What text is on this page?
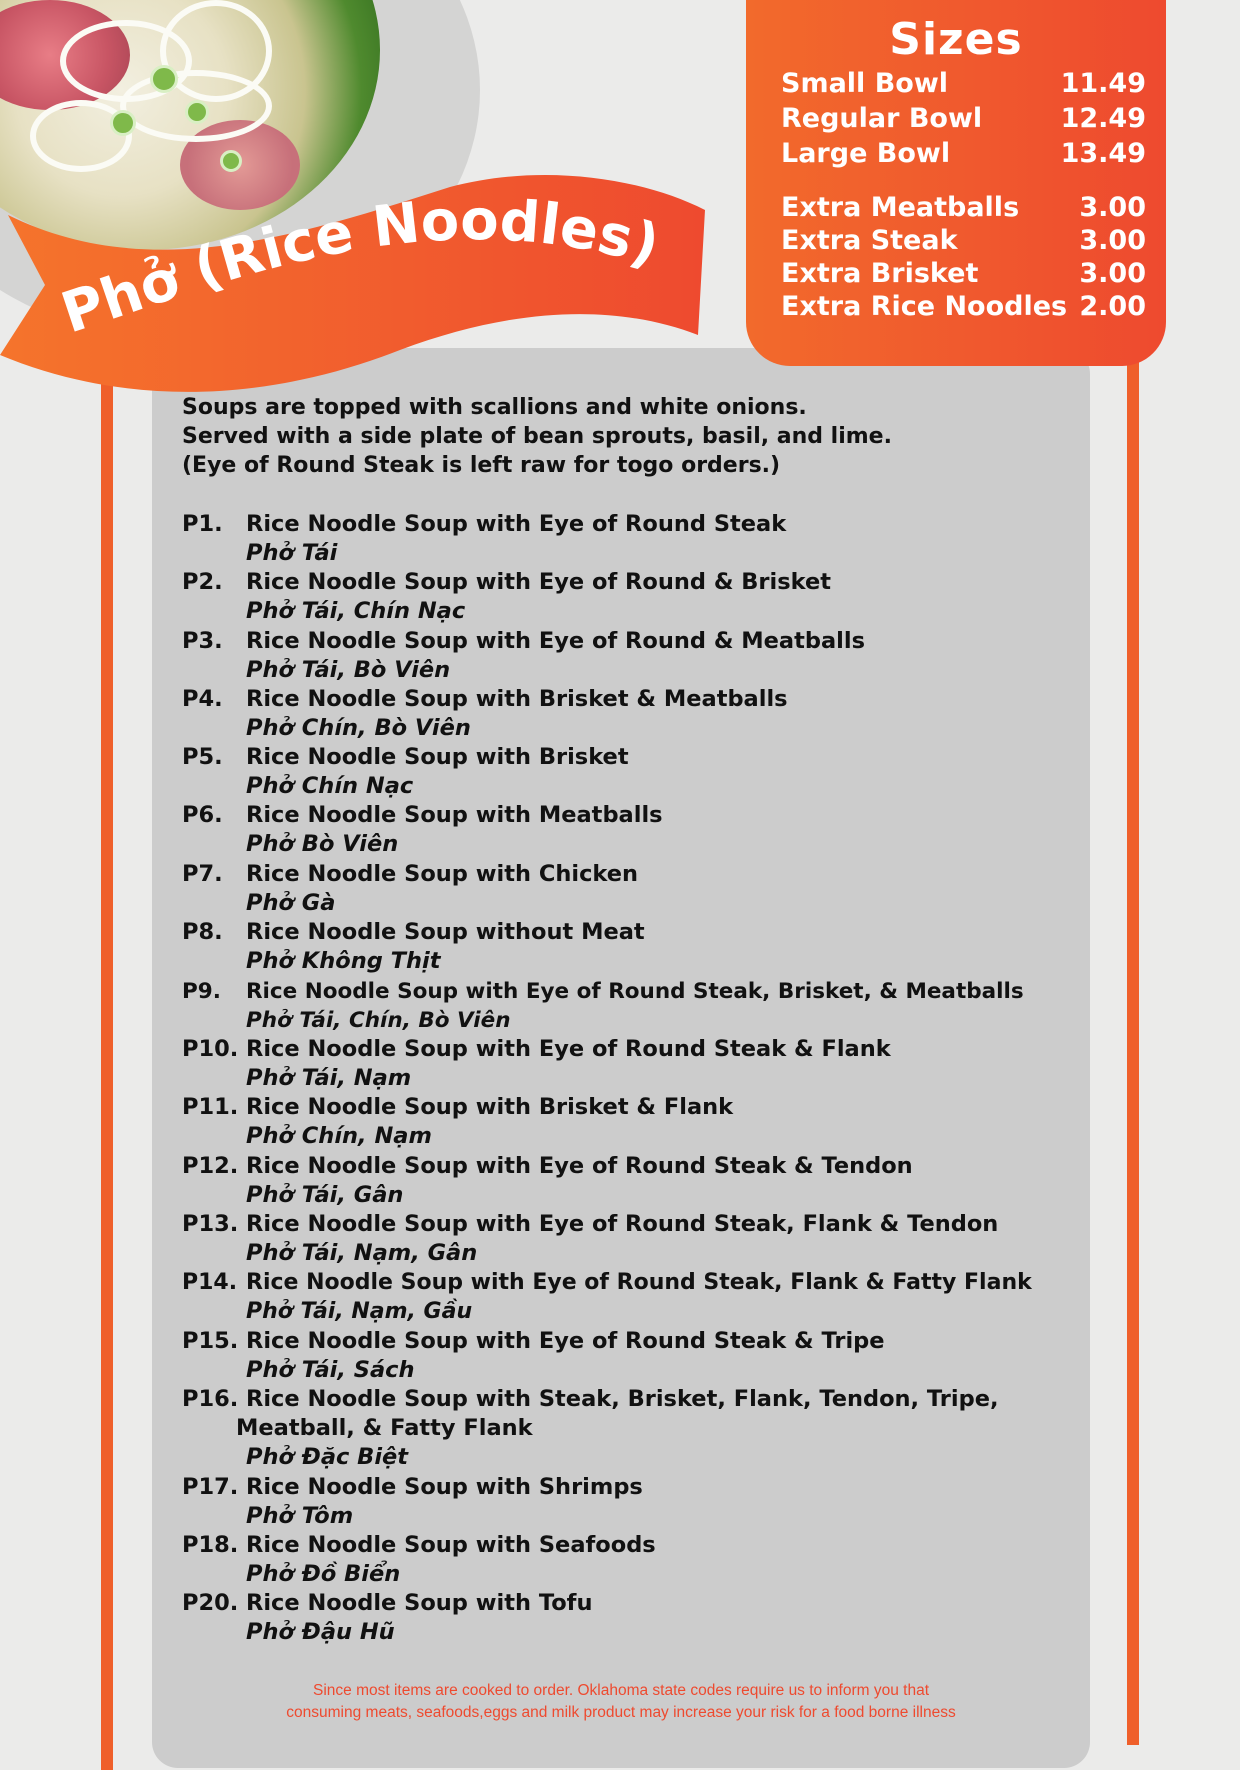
Phở (Rice Noodles)
Sizes
Small Bowl	11.49
Regular Bowl	12.49
Large Bowl	13.49
Extra Meatballs 3.00
Extra Steak	3.00
Extra Brisket	3.00
Extra Rice Noodles 2.00
Soups are topped with scallions and white onions.
Served with a side plate of bean sprouts, basil, and lime.
(Eye of Round Steak is left raw for togo orders.)
P1. Rice Noodle Soup with Eye of Round Steak
Phở Tái
P2. Rice Noodle Soup with Eye of Round & Brisket
Phở Tái, Chín Nạc
P3. Rice Noodle Soup with Eye of Round & Meatballs
Phở Tái, Bò Viên
P4. Rice Noodle Soup with Brisket & Meatballs
Phở Chín, Bò Viên
P5. Rice Noodle Soup with Brisket
Phở Chín Nạc
P6. Rice Noodle Soup with Meatballs
Phở Bò Viên
P7. Rice Noodle Soup with Chicken
Phở Gà
P8. Rice Noodle Soup without Meat
Phở Không Thịt
P9. Rice Noodle Soup with Eye of Round Steak, Brisket, & Meatballs
Phở Tái, Chín, Bò Viên
P10. Rice Noodle Soup with Eye of Round Steak & Flank
Phở Tái, Nạm
P11. Rice Noodle Soup with Brisket & Flank
Phở Chín, Nạm
P12. Rice Noodle Soup with Eye of Round Steak & Tendon
Phở Tái, Gân
P13. Rice Noodle Soup with Eye of Round Steak, Flank & Tendon
Phở Tái, Nạm, Gân
P14. Rice Noodle Soup with Eye of Round Steak, Flank & Fatty Flank
Phở Tái, Nạm, Gầu
P15. Rice Noodle Soup with Eye of Round Steak & Tripe
Phở Tái, Sách
P16. Rice Noodle Soup with Steak, Brisket, Flank, Tendon, Tripe,
Meatball, & Fatty Flank
Phở Đặc Biệt
P17. Rice Noodle Soup with Shrimps
Phở Tôm
P18. Rice Noodle Soup with Seafoods
Phở Đồ Biển
P20. Rice Noodle Soup with Tofu
Phở Đậu Hũ
Since most items are cooked to order. Oklahoma state codes require us to inform you that
consuming meats, seafoods,eggs and milk product may increase your risk for a food borne illness
